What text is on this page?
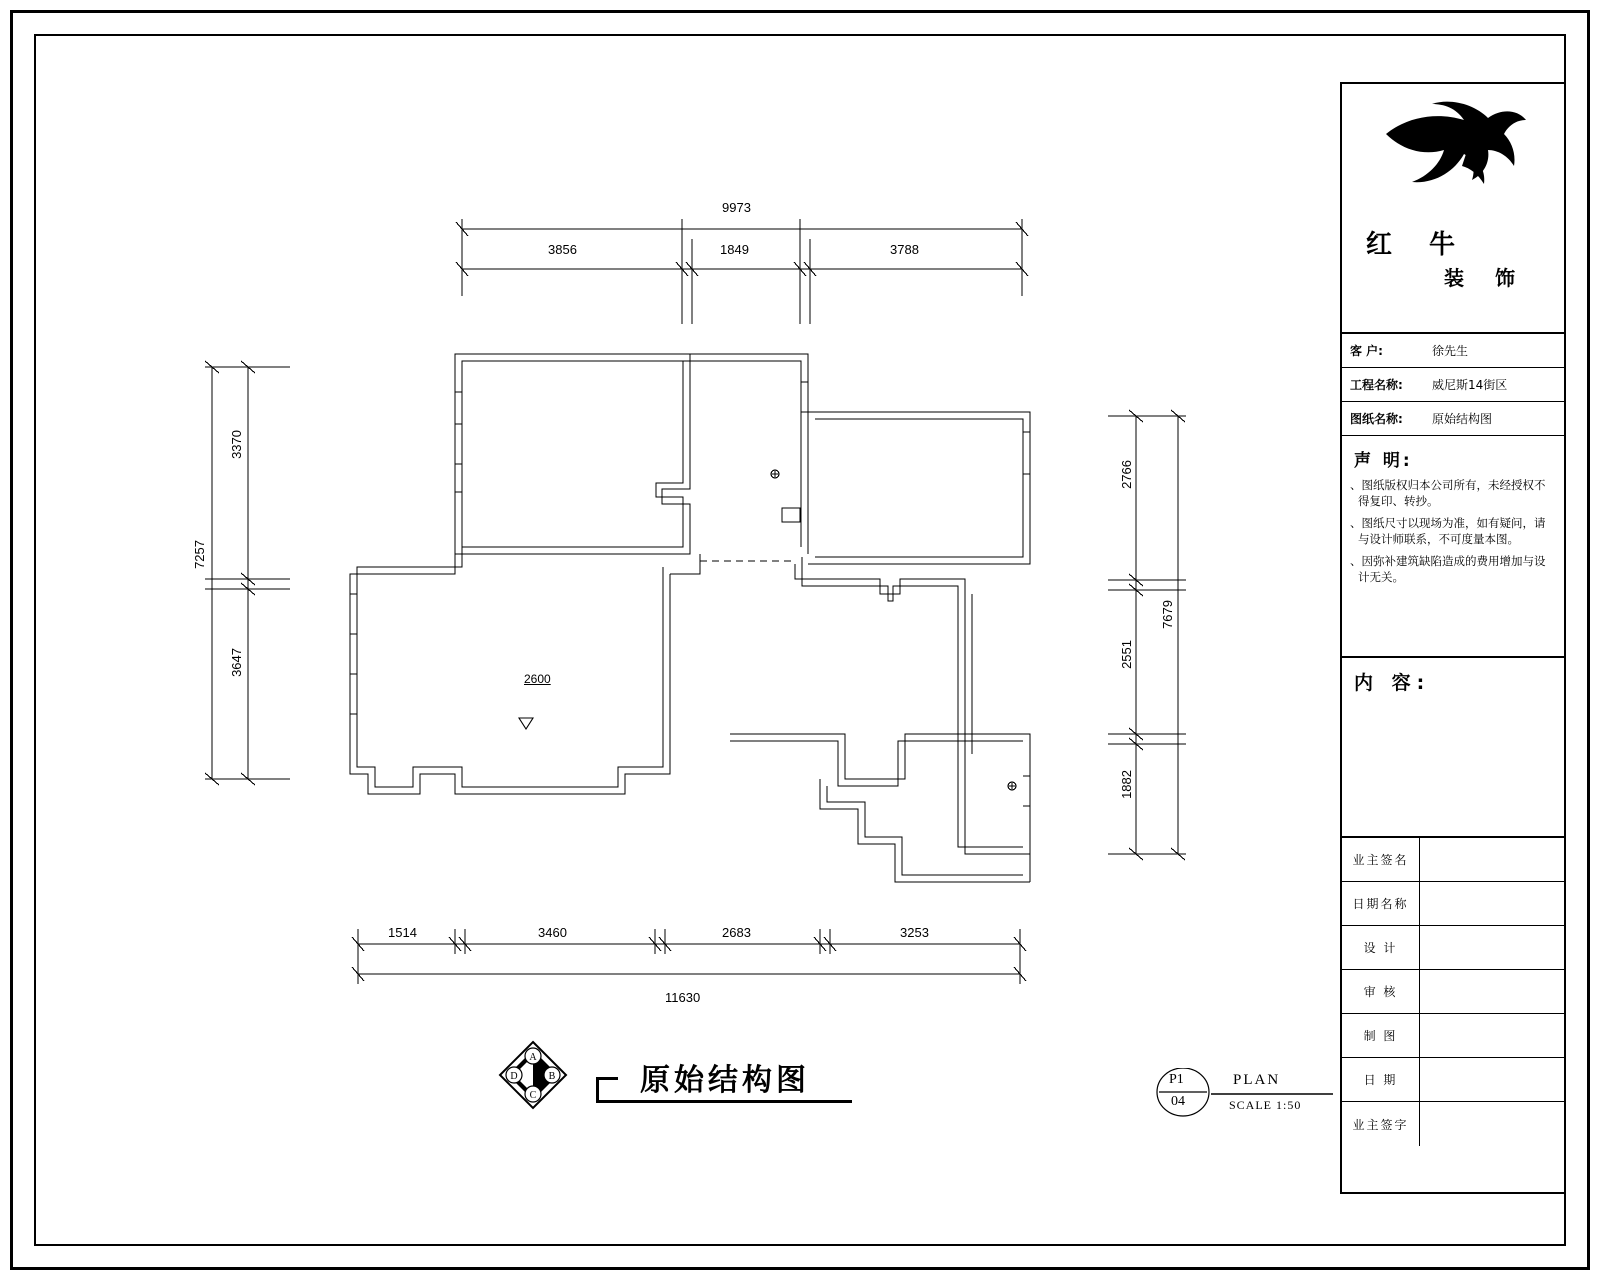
9973
3856	1849	3788
7257
3370
3647
7679
2766
2551
1882
1514	3460	2683	3253
11630
2600
A
B
C
D	原始结构图	P1
04
PLAN
SCALE 1:50
红 牛
装 饰
客 户:	徐先生
工程名称:	威尼斯14街区
图纸名称:	原始结构图
声 明:
、图纸版权归本公司所有，未经授权不得复印、转抄。
、图纸尺寸以现场为准，如有疑问，请与设计师联系，不可度量本图。
、因弥补建筑缺陷造成的费用增加与设计无关。
内 容:
业主签名
日期名称
设 计
审 核
制 图
日 期
业主签字
